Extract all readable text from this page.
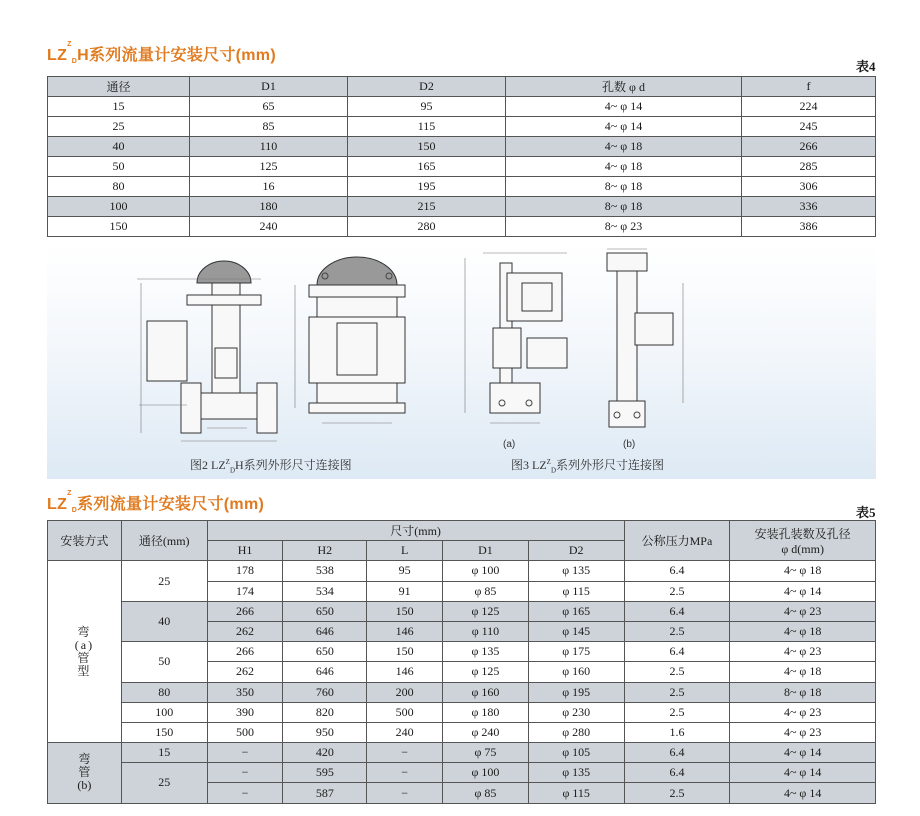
$LZ^ZDH$系列流量计安装尺寸(mm)
表4
通径	D1	D2	孔数 φ d	f
15	65	95	4~ φ 14	224
25	85	115	4~ φ 14	245
40	110	150	4~ φ 18	266
50	125	165	4~ φ 18	285
80	16	195	8~ φ 18	306
100	180	215	8~ φ 18	336
150	240	280	8~ φ 23	386
(a)	(b)
图2 $LZ^Z_DH$系列外形尺寸连接图	图3 $LZ^Z_D$系列外形尺寸连接图
$LZ^ZD$系列流量计安装尺寸(mm)	表5
安装方式	通径(mm)	尺寸(mm)					公称压力MPa	安装孔装数及孔径
φ d(mm)
		H1	H2	L	D1	D2		
弯
(a)
管
型	25	178	538	95	φ 100	φ 135	6.4	4~ φ 18
		174	534	91	φ 85	φ 115	2.5	4~ φ 14
	40	266	650	150	φ 125	φ 165	6.4	4~ φ 23
		262	646	146	φ 110	φ 145	2.5	4~ φ 18
	50	266	650	150	φ 135	φ 175	6.4	4~ φ 23
		262	646	146	φ 125	φ 160	2.5	4~ φ 18
	80	350	760	200	φ 160	φ 195	2.5	8~ φ 18
	100	390	820	500	φ 180	φ 230	2.5	4~ φ 23
	150	500	950	240	φ 240	φ 280	1.6	4~ φ 23
弯
管
(b)	15	−	420	−	φ 75	φ 105	6.4	4~ φ 14
	25	−	595	−	φ 100	φ 135	6.4	4~ φ 14
		−	587	−	φ 85	φ 115	2.5	4~ φ 14
